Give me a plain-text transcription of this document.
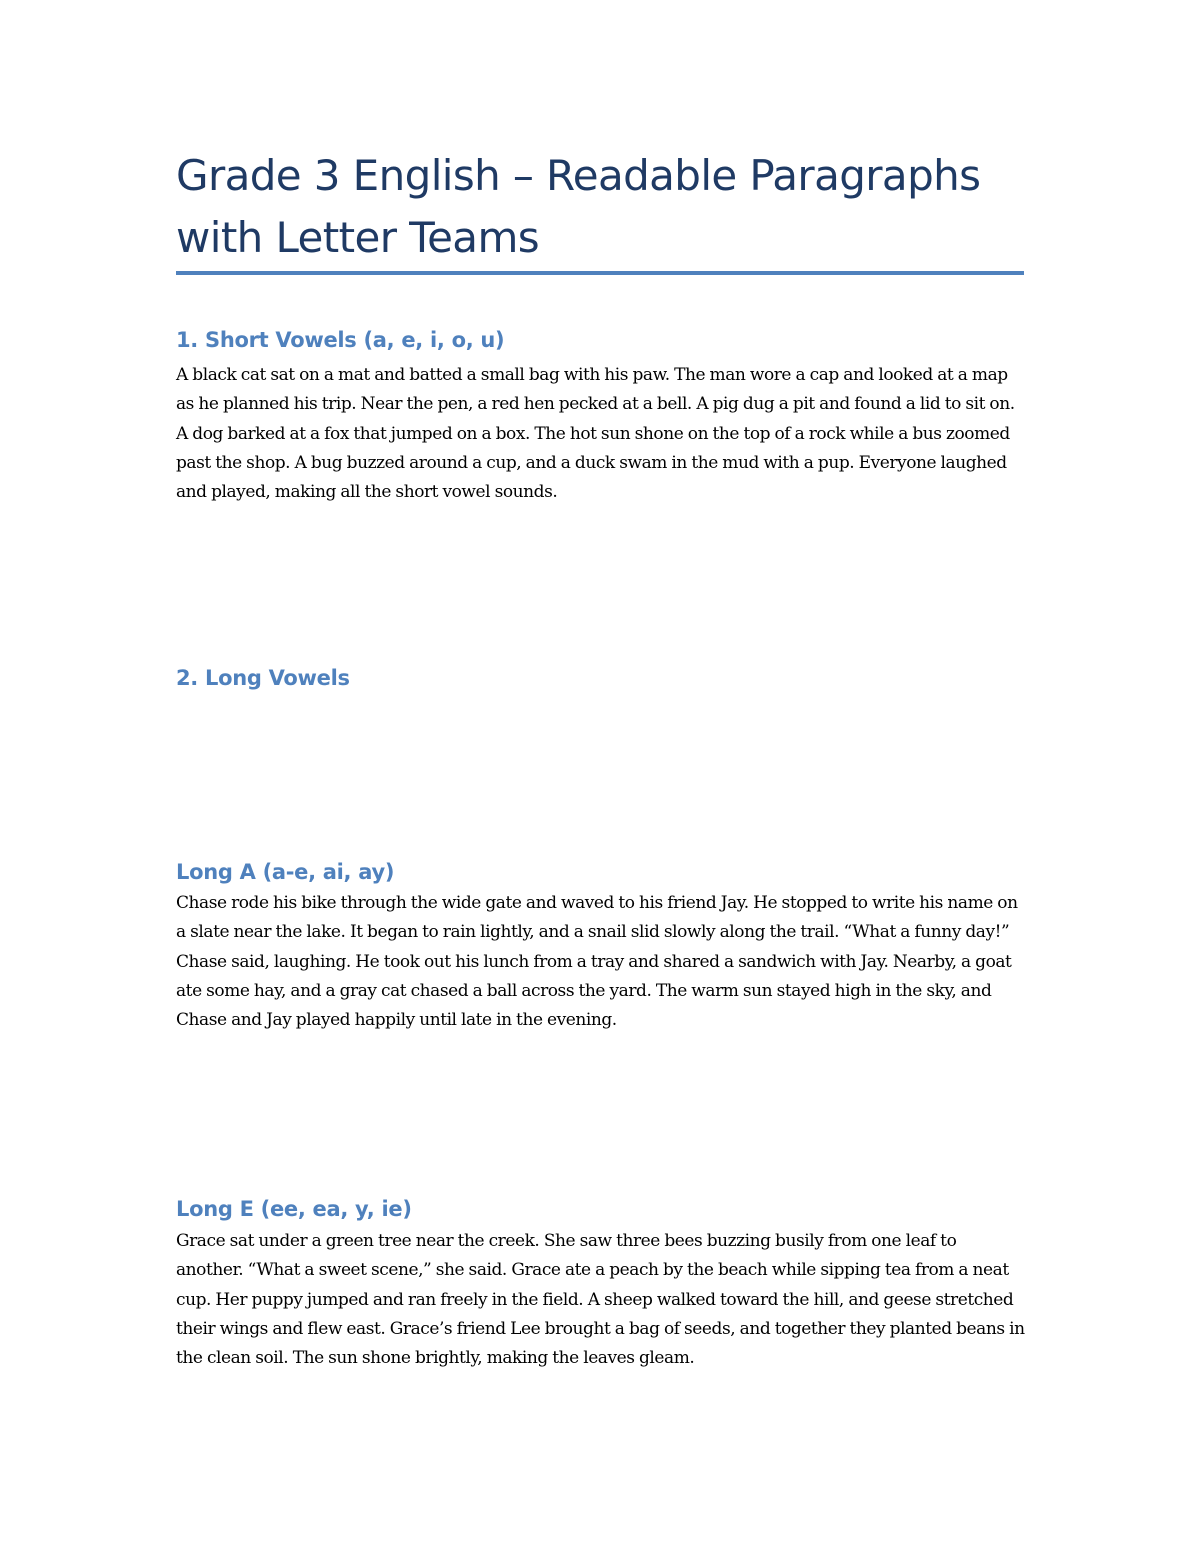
Grade 3 English – Readable Paragraphs with Letter Teams
1. Short Vowels (a, e, i, o, u)

A black cat sat on a mat and batted a small bag with his paw. The man wore a cap and looked at a map as he planned his trip. Near the pen, a red hen pecked at a bell. A pig dug a pit and found a lid to sit on. A dog barked at a fox that jumped on a box. The hot sun shone on the top of a rock while a bus zoomed past the shop. A bug buzzed around a cup, and a duck swam in the mud with a pup. Everyone laughed and played, making all the short vowel sounds.

2. Long Vowels
Long A (a-e, ai, ay)

Chase rode his bike through the wide gate and waved to his friend Jay. He stopped to write his name on a slate near the lake. It began to rain lightly, and a snail slid slowly along the trail. “What a funny day!” Chase said, laughing. He took out his lunch from a tray and shared a sandwich with Jay. Nearby, a goat ate some hay, and a gray cat chased a ball across the yard. The warm sun stayed high in the sky, and Chase and Jay played happily until late in the evening.

Long E (ee, ea, y, ie)

Grace sat under a green tree near the creek. She saw three bees buzzing busily from one leaf to another. “What a sweet scene,” she said. Grace ate a peach by the beach while sipping tea from a neat cup. Her puppy jumped and ran freely in the field. A sheep walked toward the hill, and geese stretched their wings and flew east. Grace’s friend Lee brought a bag of seeds, and together they planted beans in the clean soil. The sun shone brightly, making the leaves gleam.
